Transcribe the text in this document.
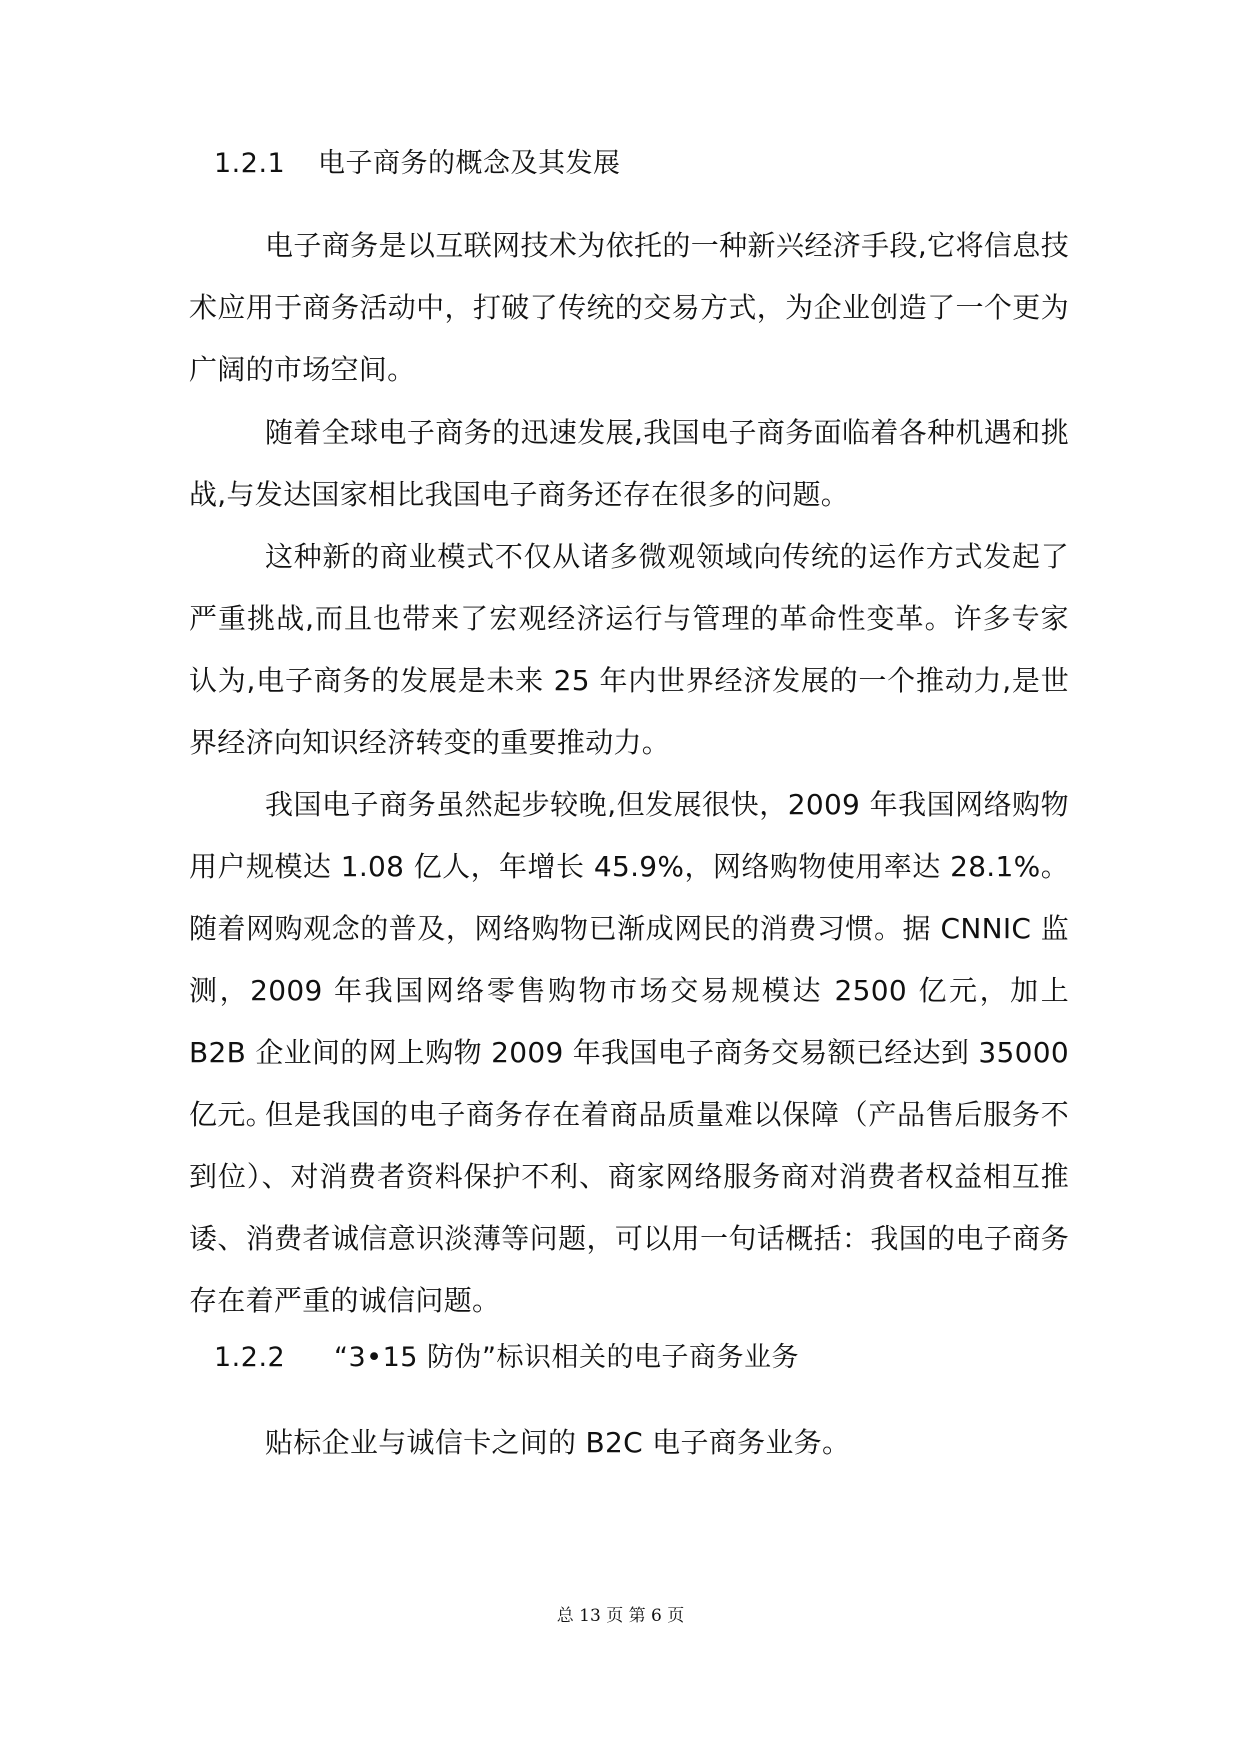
1.2.1 电子商务的概念及其发展
电子商务是以互联网技术为依托的一种新兴经济手段,它将信息技术应用于商务活动中，打破了传统的交易方式，为企业创造了一个更为广阔的市场空间。
随着全球电子商务的迅速发展,我国电子商务面临着各种机遇和挑战,与发达国家相比我国电子商务还存在很多的问题。
这种新的商业模式不仅从诸多微观领域向传统的运作方式发起了严重挑战,而且也带来了宏观经济运行与管理的革命性变革。许多专家认为,电子商务的发展是未来 25 年内世界经济发展的一个推动力,是世界经济向知识经济转变的重要推动力。
我国电子商务虽然起步较晚,但发展很快，2009 年我国网络购物用户规模达 1.08 亿人，年增长 45.9%，网络购物使用率达 28.1%。随着网购观念的普及，网络购物已渐成网民的消费习惯。据 CNNIC 监测，2009 年我国网络零售购物市场交易规模达 2500 亿元，加上 B2B 企业间的网上购物 2009 年我国电子商务交易额已经达到 35000 亿元。
但是我国的电子商务存在着商品质量难以保障（产品售后服务不到位）、对消费者资料保护不利、商家网络服务商对消费者权益相互推诿、消费者诚信意识淡薄等问题，可以用一句话概括：我国的电子商务存在着严重的诚信问题。
1.2.2 “3•15 防伪”标识相关的电子商务业务
贴标企业与诚信卡之间的 B2C 电子商务业务。
总 13 页 第 6 页
